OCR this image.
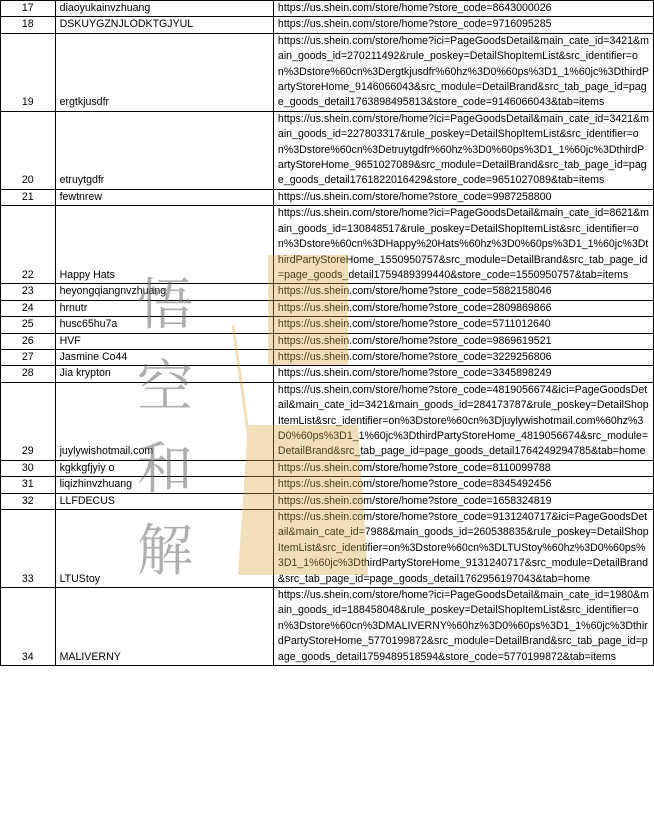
17	diaoyukainvzhuang	https://us.shein.com/store/home?store_code=8643000026
18	DSKUYGZNJLODKTGJYUL	https://us.shein.com/store/home?store_code=9716095285
19	ergtkjusdfr	https://us.shein.com/store/home?ici=PageGoodsDetail&main_cate_id=3421&main_goods_id=270211492&rule_poskey=DetailShopItemList&src_identifier=on%3Dstore%60cn%3Dergtkjusdfr%60hz%3D0%60ps%3D1_1%60jc%3DthirdPartyStoreHome_9146066043&src_module=DetailBrand&src_tab_page_id=page_goods_detail1763898495813&store_code=9146066043&tab=items
20	etruytgdfr	https://us.shein.com/store/home?ici=PageGoodsDetail&main_cate_id=3421&main_goods_id=227803317&rule_poskey=DetailShopItemList&src_identifier=on%3Dstore%60cn%3Detruytgdfr%60hz%3D0%60ps%3D1_1%60jc%3DthirdPartyStoreHome_9651027089&src_module=DetailBrand&src_tab_page_id=page_goods_detail1761822016429&store_code=9651027089&tab=items
21	fewtnrew	https://us.shein.com/store/home?store_code=9987258800
22	Happy Hats	https://us.shein.com/store/home?ici=PageGoodsDetail&main_cate_id=8621&main_goods_id=130848517&rule_poskey=DetailShopItemList&src_identifier=on%3Dstore%60cn%3DHappy%20Hats%60hz%3D0%60ps%3D1_1%60jc%3DthirdPartyStoreHome_1550950757&src_module=DetailBrand&src_tab_page_id=page_goods_detail1759489399440&store_code=1550950757&tab=items
23	heyongqiangnvzhuang	https://us.shein.com/store/home?store_code=5882158046
24	hrnutr	https://us.shein.com/store/home?store_code=2809869866
25	husc65hu7a	https://us.shein.com/store/home?store_code=5711012640
26	HVF	https://us.shein.com/store/home?store_code=9869619521
27	Jasmine Co44	https://us.shein.com/store/home?store_code=3229256806
28	Jia krypton	https://us.shein.com/store/home?store_code=3345898249
29	juylywishotmail.com	https://us.shein.com/store/home?store_code=4819056674&ici=PageGoodsDetail&main_cate_id=3421&main_goods_id=284173787&rule_poskey=DetailShopItemList&src_identifier=on%3Dstore%60cn%3Djuylywishotmail.com%60hz%3D0%60ps%3D1_1%60jc%3DthirdPartyStoreHome_4819056674&src_module=DetailBrand&src_tab_page_id=page_goods_detail1764249294785&tab=home
30	kgkkgfjyiy o	https://us.shein.com/store/home?store_code=8110099788
31	liqizhinvzhuang	https://us.shein.com/store/home?store_code=8345492456
32	LLFDECUS	https://us.shein.com/store/home?store_code=1658324819
33	LTUStoy	https://us.shein.com/store/home?store_code=9131240717&ici=PageGoodsDetail&main_cate_id=7988&main_goods_id=260538835&rule_poskey=DetailShopItemList&src_identifier=on%3Dstore%60cn%3DLTUStoy%60hz%3D0%60ps%3D1_1%60jc%3DthirdPartyStoreHome_9131240717&src_module=DetailBrand&src_tab_page_id=page_goods_detail1762956197043&tab=home
34	MALIVERNY	https://us.shein.com/store/home?ici=PageGoodsDetail&main_cate_id=1980&main_goods_id=188458048&rule_poskey=DetailShopItemList&src_identifier=on%3Dstore%60cn%3DMALIVERNY%60hz%3D0%60ps%3D1_1%60jc%3DthirdPartyStoreHome_5770199872&src_module=DetailBrand&src_tab_page_id=page_goods_detail1759489518594&store_code=5770199872&tab=items
悟
空
和
解
